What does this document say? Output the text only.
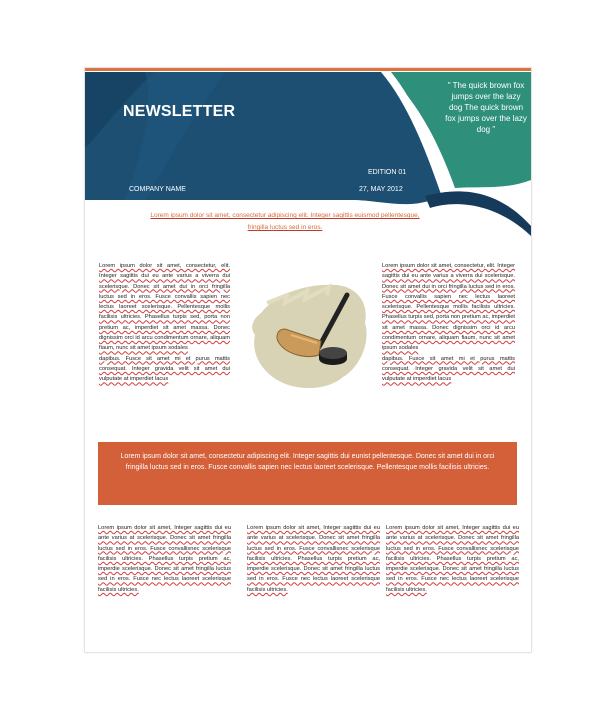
NEWSLETTER
EDITION 01
COMPANY NAME	27, MAY 2012
" The quick brown fox jumps over the lazy dog The quick brown fox jumps over the lazy dog "
Lorem ipsum dolor sit amet, consectetur adipiscing elit. Integer sagittis euismod pellentesque, fringilla luctus sed in eros.

Lorem ipsum dolor sit amet, consectetur, elit. Integer sagittis dui eu ante varius a viverra dui scelerisque. Donec sit amet dui in orci fringilla luctus sed in eros. Fusce convallis sapien nec lectus laoreet scelerisque. Pellentesque mollis facilisis ultricies. Phasellus turpis sed, porta non pretium ac, imperdiet sit amet massa. Donec dignissim orci id arcu condimentum ornare, aliquam fiaum, nunc sit amet ipsum sodales

dapibus. Fusce sit amet mi et purus mattis consequat. Integer gravida velit sit amet dui vulputate at imperdiet lacus

Lorem ipsum dolor sit amet, consectetur, elit. Integer sagittis dui eu ante varius a viverra dui scelerisque. Donec sit amet dui in orci fringilla luctus sed in eros. Fusce convallis sapien nec lectus laoreet scelerisque. Pellentesque mollis facilisis ultricies. Phasellus turpis sed, porta non pretium ac, imperdiet sit amet massa. Donec dignissim orci id arcu condimentum ornare, aliquam fiaum, nunc sit amet ipsum sodales

dapibus. Fusce sit amet mi et purus mattis consequat. Integer gravida velit sit amet dui vulputate at imperdiet lacus

Lorem ipsum dolor sit amet, consectetur adipiscing elit. Integer sagittis dui eunist pellentesque. Donec sit amet dui in orci fringilla luctus sed in eros. Fusce convallis sapien nec lectus laoreet scelerisque. Pellentesque mollis facilisis ultricies.
Lorem ipsum dolor sit amet, Integer sagittis dui eu ante varius at scelerisque. Donec sit amet fringilla luctus sed in eros. Fusce convallisnec scelerisque facilisis ultricies. Phasellus turpis pretium ac, imperdie scelerisque. Donec sit amet fringilla luctus sed in eros. Fusce nec lectus laoreet scelerisque facilisis ultricies.
Lorem ipsum dolor sit amet, Integer sagittis dui eu ante varius at scelerisque. Donec sit amet fringilla luctus sed in eros. Fusce convallisnec scelerisque facilisis ultricies. Phasellus turpis pretium ac, imperdie scelerisque. Donec sit amet fringilla luctus sed in eros. Fusce nec lectus laoreet scelerisque facilisis ultricies.
Lorem ipsum dolor sit amet, Integer sagittis dui eu ante varius at scelerisque. Donec sit amet fringilla luctus sed in eros. Fusce convallisnec scelerisque facilisis ultricies. Phasellus turpis pretium ac, imperdie scelerisque. Donec sit amet fringilla luctus sed in eros. Fusce nec lectus laoreet scelerisque facilisis ultricies.
